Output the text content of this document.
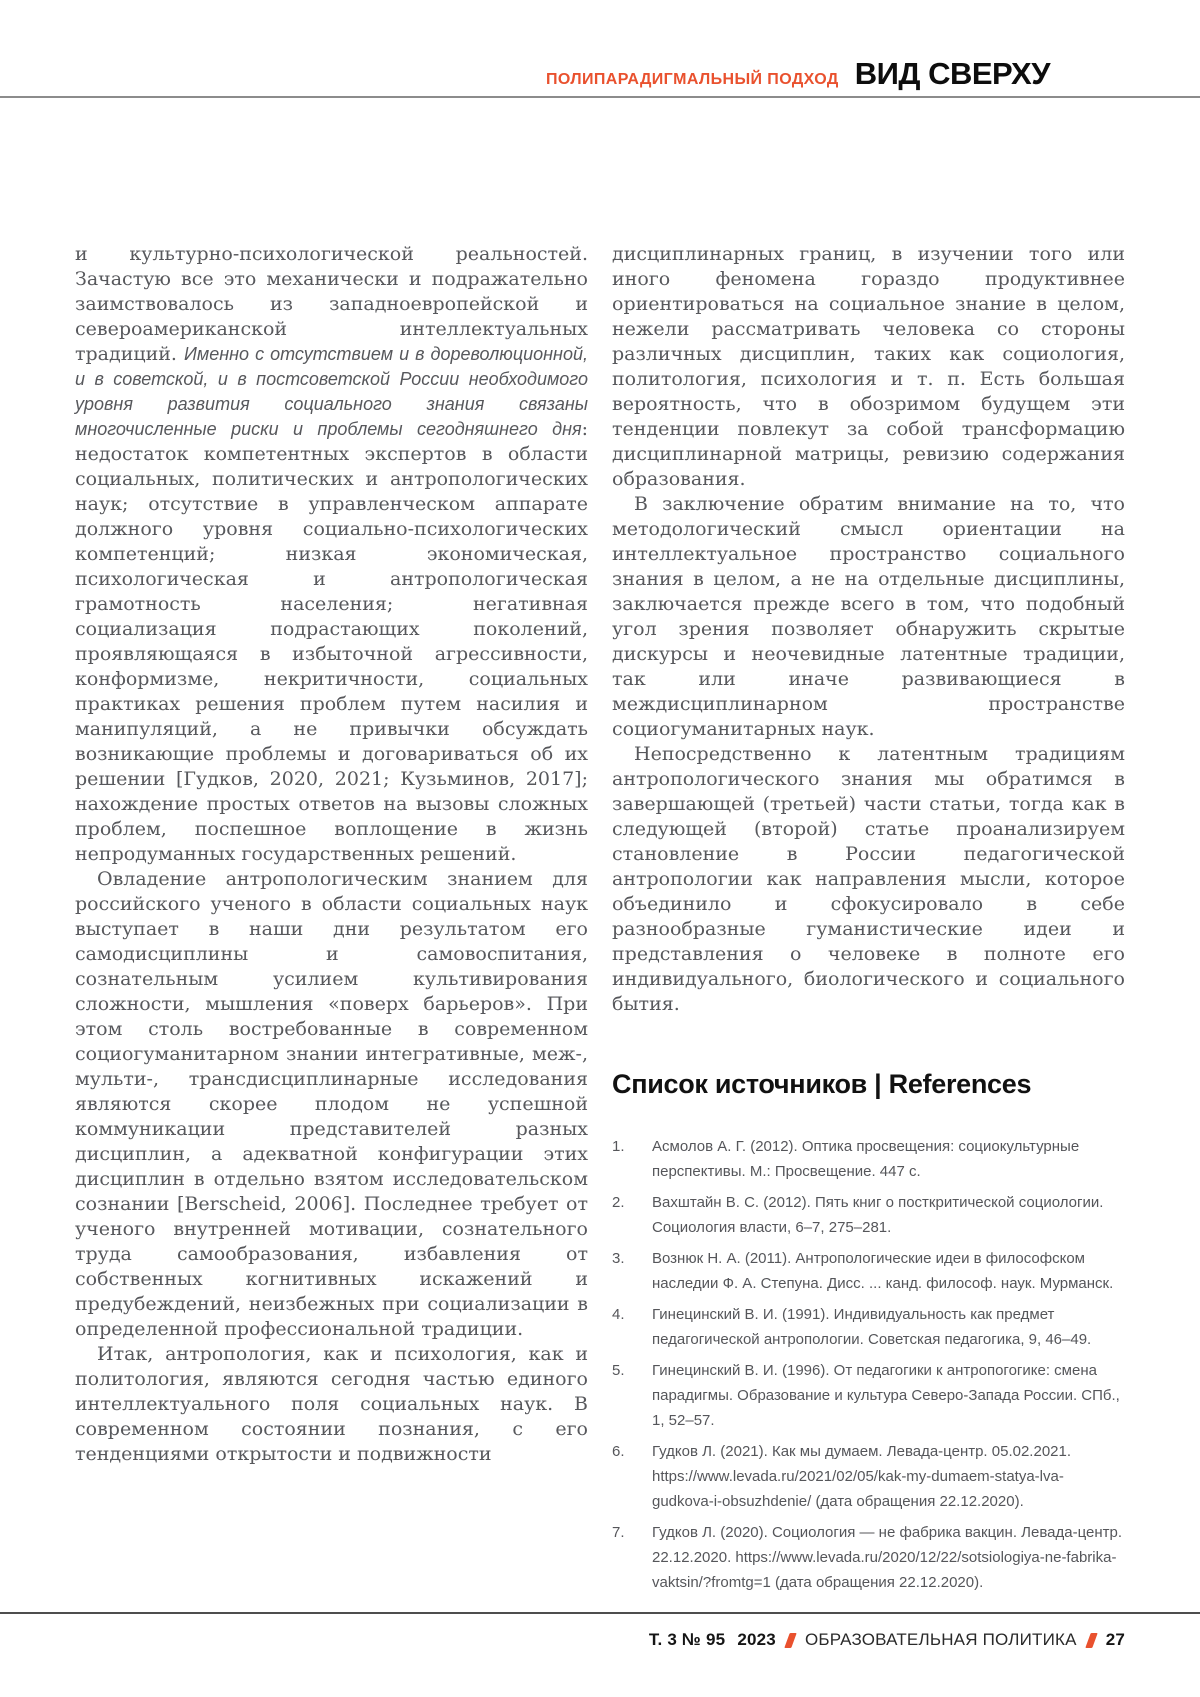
ПОЛИПАРАДИГМАЛЬНЫЙ ПОДХОД ВИД СВЕРХУ

и культурно-психологической реальностей. Зачастую все это механически и подражательно заимствовалось из западноевропейской и североамериканской интеллектуальных традиций. Именно с отсутствием и в дореволюционной, и в советской, и в постсоветской России необходимого уровня развития социального знания связаны многочисленные риски и проблемы сегодняшнего дня: недостаток компетентных экспертов в области социальных, политических и антропологических наук; отсутствие в управленческом аппарате должного уровня социально-психологических компетенций; низкая экономическая, психологическая и антропологическая грамотность населения; негативная социализация подрастающих поколений, проявляющаяся в избыточной агрессивности, конформизме, некритичности, социальных практиках решения проблем путем насилия и манипуляций, а не привычки обсуждать возникающие проблемы и договариваться об их решении [Гудков, 2020, 2021; Кузьминов, 2017]; нахождение простых ответов на вызовы сложных проблем, поспешное воплощение в жизнь непродуманных государственных решений.

Овладение антропологическим знанием для российского ученого в области социальных наук выступает в наши дни результатом его самодисциплины и самовоспитания, сознательным усилием культивирования сложности, мышления «поверх барьеров». При этом столь востребованные в современном социогуманитарном знании интегративные, меж-, мульти-, трансдисциплинарные исследования являются скорее плодом не успешной коммуникации представителей разных дисциплин, а адекватной конфигурации этих дисциплин в отдельно взятом исследовательском сознании [Berscheid, 2006]. Последнее требует от ученого внутренней мотивации, сознательного труда самообразования, избавления от собственных когнитивных искажений и предубеждений, неизбежных при социализации в определенной профессиональной традиции.

Итак, антропология, как и психология, как и политология, являются сегодня частью единого интеллектуального поля социальных наук. В современном состоянии познания, с его тенденциями открытости и подвижности

дисциплинарных границ, в изучении того или иного феномена гораздо продуктивнее ориентироваться на социальное знание в целом, нежели рассматривать человека со стороны различных дисциплин, таких как социология, политология, психология и т. п. Есть большая вероятность, что в обозримом будущем эти тенденции повлекут за собой трансформацию дисциплинарной матрицы, ревизию содержания образования.

В заключение обратим внимание на то, что методологический смысл ориентации на интеллектуальное пространство социального знания в целом, а не на отдельные дисциплины, заключается прежде всего в том, что подобный угол зрения позволяет обнаружить скрытые дискурсы и неочевидные латентные традиции, так или иначе развивающиеся в междисциплинарном пространстве социогуманитарных наук.

Непосредственно к латентным традициям антропологического знания мы обратимся в завершающей (третьей) части статьи, тогда как в следующей (второй) статье проанализируем становление в России педагогической антропологии как направления мысли, которое объединило и сфокусировало в себе разнообразные гуманистические идеи и представления о человеке в полноте его индивидуального, биологического и социального бытия.

Список источников | References
1.	Асмолов А. Г. (2012). Оптика просвещения: социокультурные перспективы. М.: Просвещение. 447 с.
2.	Вахштайн В. С. (2012). Пять книг о посткритической социологии. Социология власти, 6–7, 275–281.
3.	Вознюк Н. А. (2011). Антропологические идеи в философском наследии Ф. А. Степуна. Дисс. ... канд. философ. наук. Мурманск.
4.	Гинецинский В. И. (1991). Индивидуальность как предмет педагогической антропологии. Советская педагогика, 9, 46–49.
5.	Гинецинский В. И. (1996). От педагогики к антропогогике: смена парадигмы. Образование и культура Северо-Запада России. СПб., 1, 52–57.
6.	Гудков Л. (2021). Как мы думаем. Левада-центр. 05.02.2021. https://www.levada.ru/2021/02/05/kak-my-dumaem-statya-lva-gudkova-i-obsuzhdenie/ (дата обращения 22.12.2020).
7.	Гудков Л. (2020). Социология — не фабрика вакцин. Левада-центр. 22.12.2020. https://www.levada.ru/2020/12/22/sotsiologiya-ne-fabrika-vaktsin/?fromtg=1 (дата обращения 22.12.2020).
Т. 3 № 95 2023 ОБРАЗОВАТЕЛЬНАЯ ПОЛИТИКА 27
